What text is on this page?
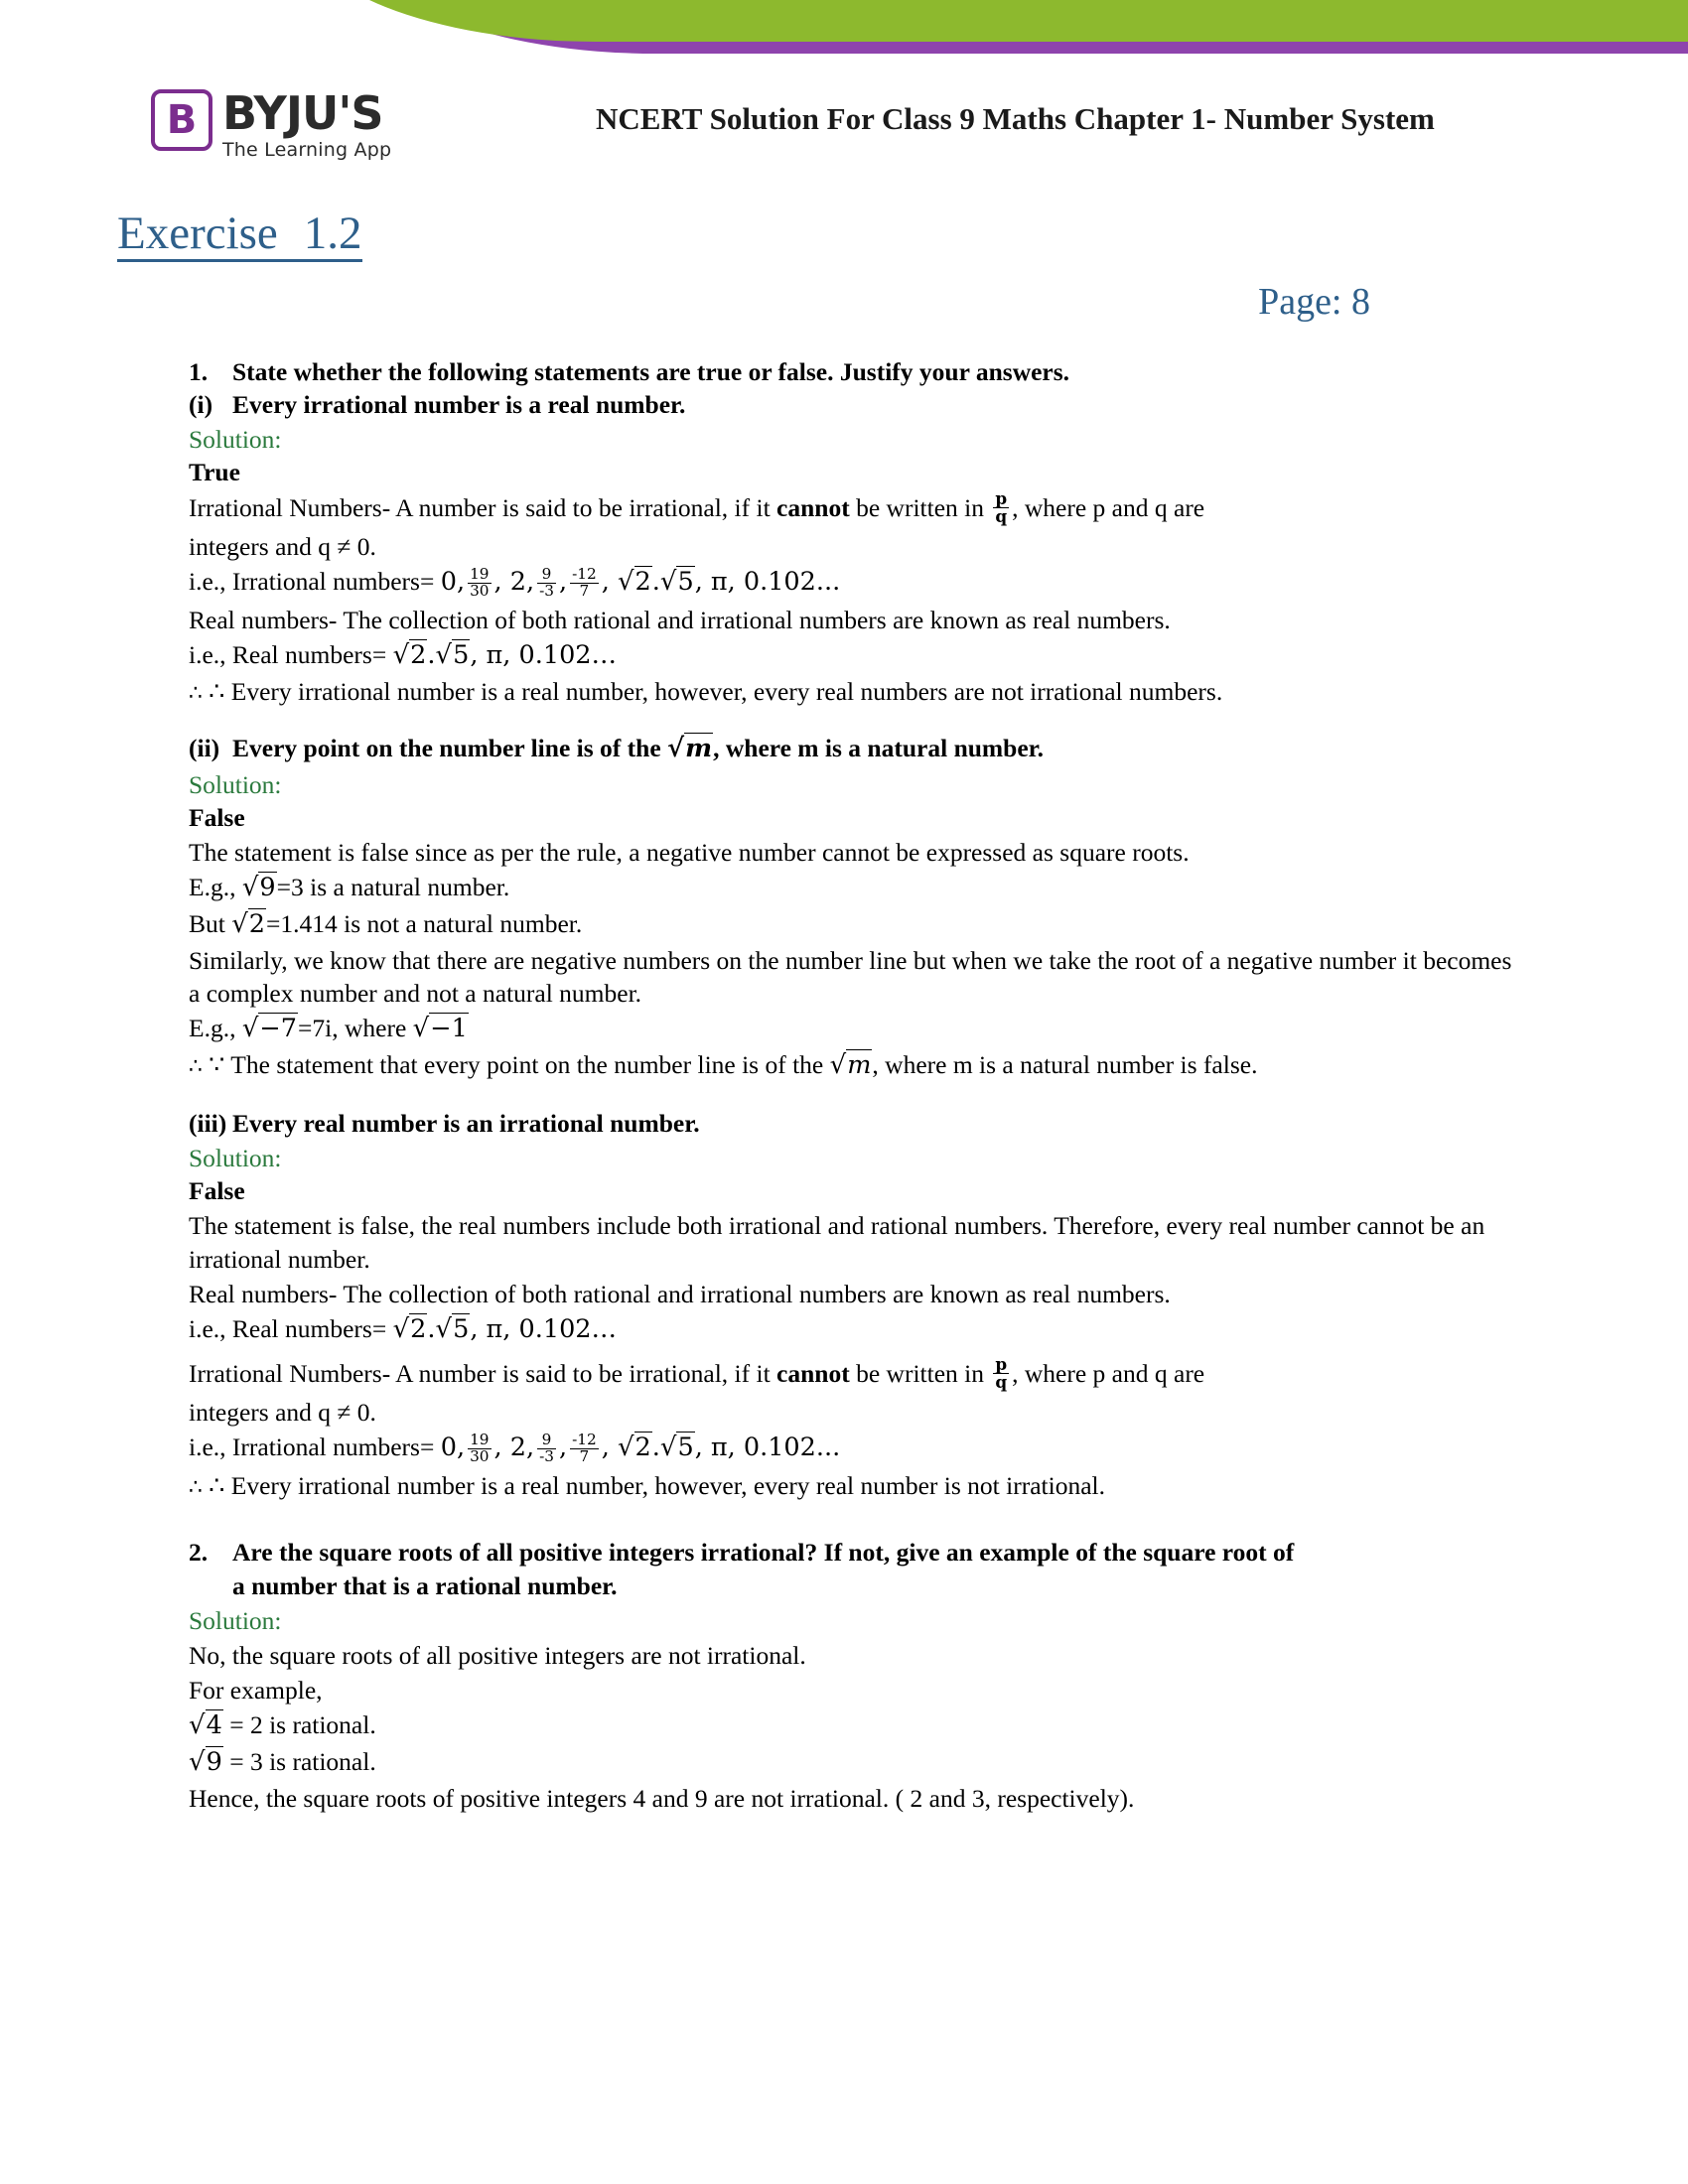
B BYJU'S
The Learning App
NCERT Solution For Class 9 Maths Chapter 1- Number System
Exercise 1.2
Page: 8
1. State whether the following statements are true or false. Justify your answers.
(i) Every irrational number is a real number.
Solution:
True
Irrational Numbers- A number is said to be irrational, if it cannot be written in $\frac{p}{q}$ , where p and q are
integers and q ≠ 0.
i.e., Irrational numbers= 0, $\frac{19}{30}$ , 2, $\frac{9}{-3}$ , $\frac{-12}{7}$ , √2.√5, π, 0.102...
Real numbers- The collection of both rational and irrational numbers are known as real numbers.
i.e., Real numbers= √2.√5, π, 0.102…
∴ ∴ Every irrational number is a real number, however, every real numbers are not irrational numbers.
(ii) Every point on the number line is of the √m, where m is a natural number.
Solution:
False
The statement is false since as per the rule, a negative number cannot be expressed as square roots.
E.g., √9=3 is a natural number.
But √2=1.414 is not a natural number.
Similarly, we know that there are negative numbers on the number line but when we take the root of a negative number it becomes a complex number and not a natural number.
E.g., √−7=7i, where √−1
∴ ∵ The statement that every point on the number line is of the √m, where m is a natural number is false.
(iii) Every real number is an irrational number.
Solution:
False
The statement is false, the real numbers include both irrational and rational numbers. Therefore, every real number cannot be an irrational number.
Real numbers- The collection of both rational and irrational numbers are known as real numbers.
i.e., Real numbers= √2.√5, π, 0.102…
Irrational Numbers- A number is said to be irrational, if it cannot be written in $\frac{p}{q}$ , where p and q are
integers and q ≠ 0.
i.e., Irrational numbers= 0, $\frac{19}{30}$ , 2, $\frac{9}{-3}$ , $\frac{-12}{7}$ , √2.√5, π, 0.102...
∴ ∴ Every irrational number is a real number, however, every real number is not irrational.
2. Are the square roots of all positive integers irrational? If not, give an example of the square root of
a number that is a rational number.
Solution:
No, the square roots of all positive integers are not irrational.
For example,
√4 = 2 is rational.
√9 = 3 is rational.
Hence, the square roots of positive integers 4 and 9 are not irrational. ( 2 and 3, respectively).
